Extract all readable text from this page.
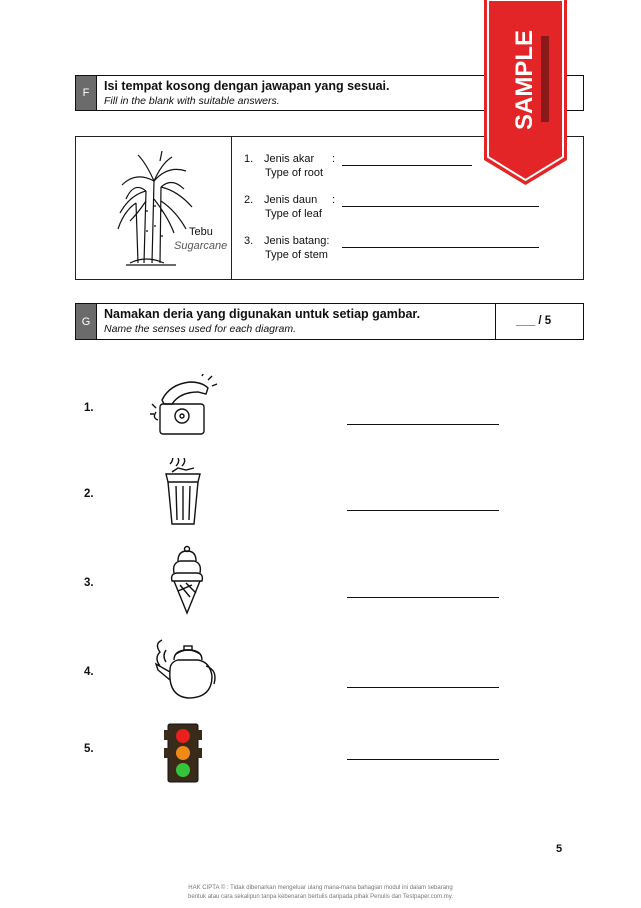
F	Isi tempat kosong dengan jawapan yang sesuai.
Fill in the blank with suitable answers.
Tebu
Sugarcane
1. Jenis akar :
Type of root
2. Jenis daun :
Type of leaf
3. Jenis batang:
Type of stem
G
Namakan deria yang digunakan untuk setiap gambar.
Name the senses used for each diagram.
___ / 5
1.
2.
3.
4.
5.
SAMPLE
5
HAK CIPTA © : Tidak dibenarkan mengeluar ulang mana-mana bahagian modul ini dalam sebarang
bentuk atau cara sekalipun tanpa kebenaran bertulis daripada pihak Penulis dan Testpaper.com.my.
